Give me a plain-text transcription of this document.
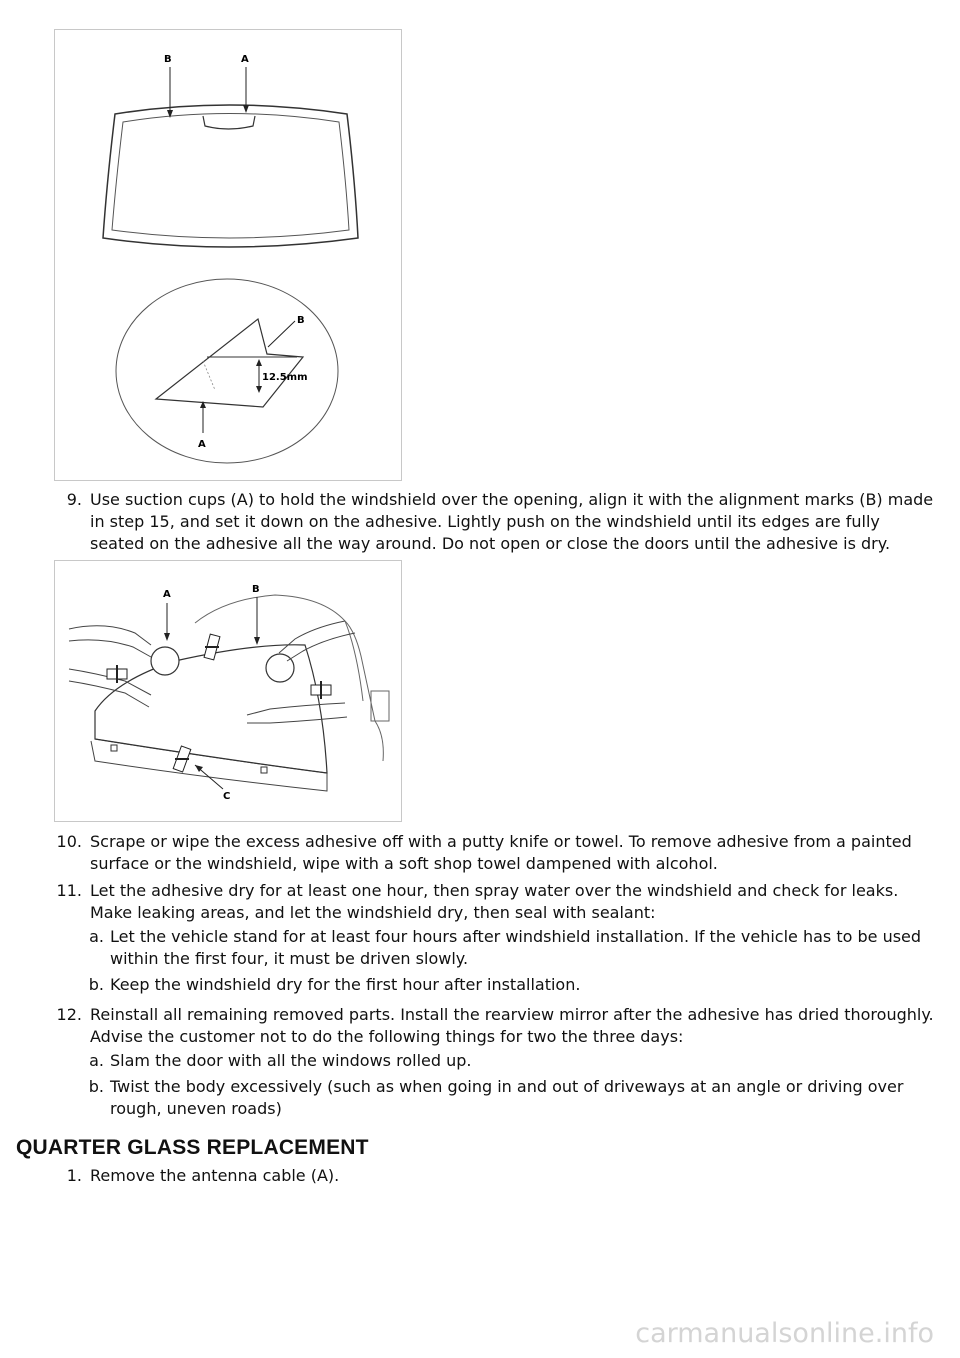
B	A
B
12.5mm
A
9. Use suction cups (A) to hold the windshield over the opening, align it with the alignment marks (B) made in step 15, and set it down on the adhesive. Lightly push on the windshield until its edges are fully seated on the adhesive all the way around. Do not open or close the doors until the adhesive is dry.
A	B
C
10. Scrape or wipe the excess adhesive off with a putty knife or towel. To remove adhesive from a painted surface or the windshield, wipe with a soft shop towel dampened with alcohol.
11. Let the adhesive dry for at least one hour, then spray water over the windshield and check for leaks. Make leaking areas, and let the windshield dry, then seal with sealant:
a. Let the vehicle stand for at least four hours after windshield installation. If the vehicle has to be used within the first four, it must be driven slowly.
b. Keep the windshield dry for the first hour after installation.
12. Reinstall all remaining removed parts. Install the rearview mirror after the adhesive has dried thoroughly. Advise the customer not to do the following things for two the three days:
a. Slam the door with all the windows rolled up.
b. Twist the body excessively (such as when going in and out of driveways at an angle or driving over rough, uneven roads)
QUARTER GLASS REPLACEMENT
1. Remove the antenna cable (A).
carmanualsonline.info
